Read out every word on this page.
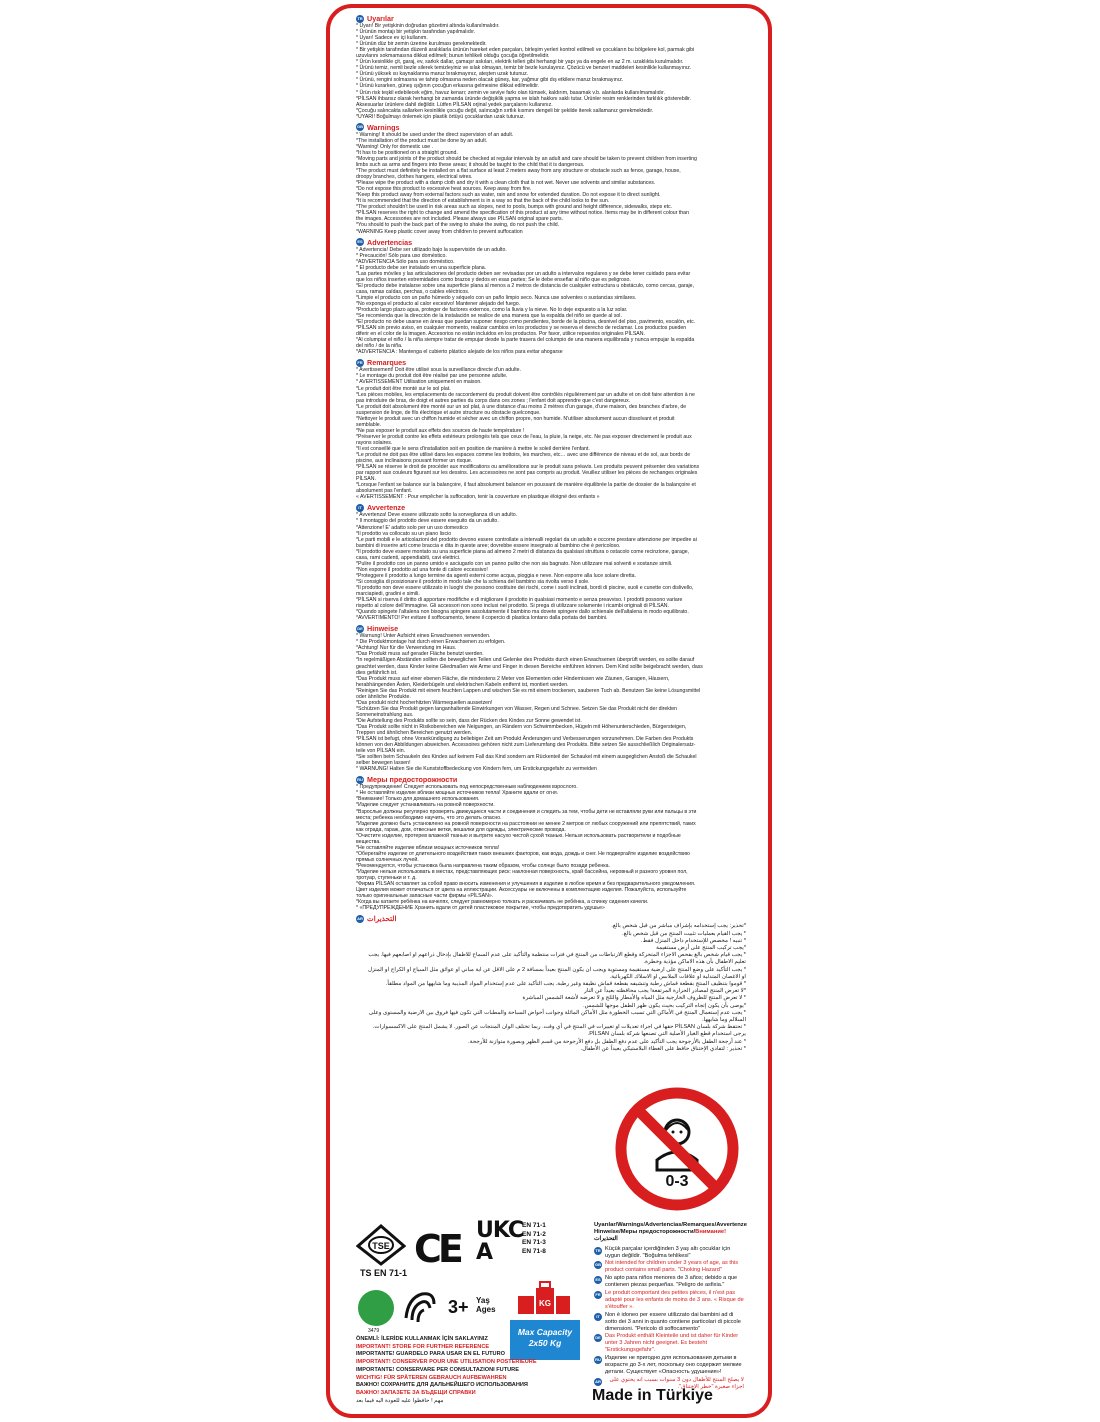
TR Uyarılar
* Uyarı! Bir yetişkinin doğrudan gözetimi altında kullanılmalıdır.
* Ürünün montajı bir yetişkin tarafından yapılmalıdır.
* Uyarı! Sadece ev içi kullanım.
* Ürünün düz bir zemin üzerine kurulması gerekmektedir.
* Bir yetişkin tarafından düzenli aralıklarla ürünün hareket eden parçaları, birleşim yerleri kontrol edilmeli ve çocukların bu bölgelere kol, parmak gibi
uzuvlarını sokmamasına dikkat edilmeli; bunun tehlikeli olduğu çocuğa öğretilmelidir.
* Ürün kesinlikle çit, garaj, ev, sarkık dallar, çamaşır askıları, elektrik telleri gibi herhangi bir yapı ya da engele en az 2 m. uzaklıkta kurulmalıdır.
* Ürünü temiz, nemli bezle silerek temizleyiniz ve sılak olmayan, temiz bir bezle kurulayınız. Çözücü ve benzeri maddeleri kesinlikle kullanmayınız.
* Ürünü yüksek ısı kaynaklarına maruz bırakmayınız, ateşten uzak tutunuz.
* Ürünü, rengini solmasına ve tahrip olmasına neden olacak güneş, kar, yağmur gibi dış etkilere maruz bırakmayınız.
* Ürünü kurarken, güneş ışığının çocuğun erkasına gelmesine dikkat edilmelidir.
* Ürün risk teşkil edebilecek eğim, havuz kenarı; zemin ve seviye farkı olan tümsek, kaldırım, basamak v.b. alanlarda kullanılmamalıdır.
*PİLSAN ihbarsız olarak herhangi bir zamanda üründe değişiklik yapma ve islah hakkını saklı tutar. Ürünler resim renklerinden farklılık gösterebilir.
Aksesuarlar ürünlere dahil değildir. Lütfen PİLSAN orjinal yedek parçalarını kullanınız.
*Çocuğu salıncakta sallarken kesinlikle çocuğu değil, salıncağın sırtlık kısmını dengeli bir şekilde iterek sallamanız gerekmektedir.
*UYARI! Boğulmayı önlemek için plastik örtüyü çocuklardan uzak tutunuz.
GB Warnings
* Warning! It should be used under the direct supervision of an adult.
*The installation of the product must be done by an adult.
*Warning! Only for domestic use .
*It has to be positioned on a straight ground.
*Moving parts and joints of the product should be checked at regular intervals by an adult and care should be taken to prevent children from inserting
limbs such as arms and fingers into these areas; it should be taught to the child that it is dangerous.
*The product must definitely be installed on a flat surface at least 2 meters away from any structure or obstacle such as fence, garage, house,
droopy branches, clothes hangers, electrical wires.
*Please wipe the product with a damp cloth and dry it with a clean cloth that is not wet. Never use solvents and similar substances.
*Do not expose this product to excessive heat sources. Keep away from fire.
*Keep this product away from external factors such as water, rain and snow for extended duration. Do not expose it to direct sunlight.
*It is recommended that the direction of establishment is in a way so that the back of the child looks to the sun.
*The product shouldn't be used in risk areas such as slopes, next to pools, bumps with ground and height difference, sidewalks, steps etc.
*PİLSAN reserves the right to change and amend the specification of this product at any time without notice. Items may be in different colour than
the images. Accessories are not included. Please always use PİLSAN original spare parts.
*You should to push the back part of the swing to shake the swing, do not push the child.
*WARNING Keep plastic cover away from children to prevent suffocation
ES Advertencias
* Advertencia! Debe ser utilizado bajo la supervisión de un adulto.
* Precaución! Sólo para uso doméstico.
*ADVERTENCIA Sólo para uso doméstico.
* El producto debe ser instalado en una superficie plana.
*Las partes móviles y las articulaciones del producto deben ser revisadas por un adulto a intervalos regulares y se debe tener cuidado para evitar
que los niños inserten extremidades como brazos y dedos en esas partes; Se le debe enseñar al niño que es peligroso.
*El producto debe instalarse sobre una superficie plana al menos a 2 metros de distancia de cualquier estructura u obstáculo, como cercas, garaje,
casa, ramas caídas, perchas, o cables eléctricos.
*Limpie el producto con un paño húmedo y séquelo con un paño limpio seco. Nunca use solventes o sustancias similares.
*No exponga el producto al calor excesivo! Mantener alejado del fuego.
*Producto largo plazo agua, proteger de factores externos, como la lluvia y la nieve. No lo deje expuesto a la luz solar.
*Se recomienda que la dirección de la instalación se realice de una manera que la espalda del niño se quede al sol.
*El producto no debe usarse en áreas que puedan suponer riesgo como pendientes, borde de la piscina, desnivel del piso, pavimento, escalón, etc.
*PİLSAN sin previo aviso, en cualquier momento, realizar cambios en los productos y se reserva el derecho de reclamar. Los productos pueden
diferir en el color de la imagen. Accesorios no están incluidos en los productos. Por favor, utilice repuestos originales PİLSAN.
*Al columpiar el niño / la niña siempre tratar de empujar desde la parte trasera del columpio de una manera equilibrada y nunca empujar la espalda
del niño / de la niña.
*ADVERTENCIA : Mantenga el cubierto plástico alejado de los niños para evitar ahogarse
FR Remarques
* Avertissement! Doit être utilisé sous la surveillance directe d'un adulte.
* Le montage du produit doit être réalisé par une personne adulte.
* AVERTISSEMENT Utilisation uniquement en maison.
*Le produit doit être monté sur le sol plat.
*Les pièces mobiles, les emplacements de raccordement du produit doivent être contrôlés régulièrement par un adulte et on doit faire attention à ne
pas introduire de bras, de doigt et autres parties du corps dans ces zones ; l'enfant doit apprendre que c'est dangereux.
*Le produit doit absolument être monté sur un sol plat, à une distance d'au moins 2 mètres d'un garage, d'une maison, des branches d'arbre, de
suspension de linge, de fils électrique et autre structure ou obstacle quelconque.
*Nettoyer le produit avec un chiffon humide et sécher avec un chiffon propre, non humide. N'utiliser absolument aucun dissolvant et produit
semblable.
*Ne pas exposer le produit aux effets des sources de haute température !
*Préserver le produit contre les effets extérieurs prolongés tels que ceux de l'eau, la pluie, la neige, etc. Ne pas exposer directement le produit aux
rayons solaires.
*Il est conseillé que le sens d'installation soit en position de manière à mettre le soleil derrière l'enfant.
*Le produit ne doit pas être utilisé dans les espaces comme les trottoirs, les marches, etc… avec une différence de niveau et de sol, aux bords de
piscine, aux inclinaisons pouvant former un risque.
*PİLSAN se réserve le droit de procéder aux modifications ou améliorations sur le produit sans préavis. Les produits peuvent présenter des variations
par rapport aux couleurs figurant sur les dessins. Les accessoires ne sont pas compris au produit. Veuillez utiliser les pièces de rechanges originales
PİLSAN.
*Lorsque l'enfant se balance sur la balançoire, il faut absolument balancer en poussant de manière équilibrée la partie de dossier de la balançoire et
absolument pas l'enfant.
« AVERTISSEMENT : Pour empêcher la suffocation, tenir la couverture en plastique éloigné des enfants »
IT Avvertenze
* Avvertenza! Deve essere utilizzato sotto la sorveglianza di un adulto.
* Il montaggio del prodotto deve essere eseguito da un adulto.
*Attenzione! E' adatto solo per un uso domestico
*Il prodotto va collocato su un piano liscio
*Le parti mobili e le articolazioni del prodotto devono essere controllate a intervalli regolari da un adulto e occorre prestare attenzione per impedire ai
bambini di inserire arti come braccia e dita in queste aree; dovrebbe essere insegnato al bambino che è pericoloso.
*Il prodotto deve essere montato su una superficie piana ad almeno 2 metri di distanza da qualsiasi struttura o ostacolo come recinzione, garage,
casa, rami cadenti, appendiabiti, cavi elettrici.
*Pulire il prodotto con un panno umido e asciugarlo con un panno pulito che non sia bagnato. Non utilizzare mai solventi e sostanze simili.
*Non esporre il prodotto ad una fonte di calore eccessivo!
*Proteggere il prodotto a lungo termine da agenti esterni come acqua, pioggia e neve. Non esporre alla luce solare diretta.
*Si consiglia di posizionare il prodotto in modo tale che la schiena del bambino sia rivolta verso il sole.
*Il prodotto non deve essere utilizzato in luoghi che possono costituire dei rischi, come i suoli inclinati, bordi di piscine, suoli e cunette con dislivello,
marciapiedi, gradini e simili.
*PİLSAN si riserva il diritto di apportare modifiche e di migliorare il prodotto in qualsiasi momento e senza preavviso. I prodotti possono variare
rispetto al colore dell'immagine. Gli accessori non sono inclusi nel prodotto. Si prega di utilizzare solamente i ricambi originali di PİLSAN.
*Quando spingete l'altalena non bisogna spingere assolutamente il bambino ma dovete spingere dallo schienale dell'altalena in modo equilibrato.
*AVVERTIMENTO! Per evitare il soffocamento, tenere il copercio di plastica lontano dalla portata dei bambini.
DE Hinweise
* Warnung! Unter Aufsicht eines Erwachsenen verwenden.
* Die Produktmontage hat durch einen Erwachsenen zu erfolgen.
*Achtung! Nur für die Verwendung im Haus.
*Das Produkt muss auf gerader Fläche benutzt werden.
*In regelmäßigen Abständen sollten die beweglichen Teilen und Gelenke des Produkts durch einen Erwachsenen überprüft werden, es sollte darauf
geachtet werden, dass Kinder keine Gliedmaßen wie Arme und Finger in diesen Bereiche einführen können. Dem Kind sollte beigebracht werden, dass
dies gefährlich ist.
*Das Produkt muss auf einer ebenen Fläche, die mindestens 2 Meter von Elementen oder Hindernissen wie Zäunen, Garagen, Häusern,
herabhängenden Ästen, Kleiderbügeln und elektrischen Kabeln entfernt ist, montiert werden.
*Reinigen Sie das Produkt mit einem feuchten Lappen und wischen Sie es mit einem trockenen, sauberen Tuch ab. Benutzen Sie keine Lösungsmittel
oder ähnliche Produkte.
*Das produkt nicht hocherhitzten Wärmequellen aussetzen!
*Schützen Sie das Produkt gegen langanhaltende Einwirkungen von Wasser, Regen und Schnee. Setzen Sie das Produkt nicht der direkten
Sonneneinstrahlung aus.
*Die Aufstellung des Produkts sollte so sein, dass der Rücken des Kindes zur Sonne gewendet ist.
*Das Produkt sollte nicht in Risikobereichen wie Neigungen, an Rändern von Schwimmbecken, Hügeln mit Höhenunterschieden, Bürgersteigen,
Treppen und ähnlichen Bereichen genutzt werden.
*PİLSAN ist befugt, ohne Vorankündigung zu beliebiger Zeit am Produkt Änderungen und Verbesserungen vorzunehmen. Die Farben des Produkts
können von den Abbildungen abweichen. Accessoires gehören nicht zum Lieferumfang des Produkts. Bitte setzen Sie ausschließlich Originalersatz-
teile von PİLSAN ein.
*Sie sollten beim Schaukeln des Kindes auf keinem Fall das Kind sondern am Rückenteil der Schaukel mit einem ausgeglichen Anstoß die Schaukel
selber bewegen lassen!
* WARNUNG! Halten Sie die Kunststoffbedeckung von Kindern fern, um Erstickungsgefahr zu vermeiden
RU Меры предосторожности
* Предупреждение! Следует использовать под непосредственным наблюдением взрослого.
* Не оставляйте изделие вблизи мощных источников теплa! Храните вдали от огня.
*Внимание! Только для домашнего использования.
*Изделие следует устанавливать на ровной поверхности.
*Взрослые должны регулярно проверять движущиеся части и соединения и следить за тем, чтобы дети не вставляли руки или пальцы в эти
места; ребенка необходимо научить, что это делать опасно.
*Изделие должно быть установлено на ровной поверхности на расстоянии не менее 2 метров от любых сооружений или препятствий, таких
как ограда, гараж, дом, отвесные ветки, вешалки для одежды, электрические провода.
*Очистите изделие, протерев влажной тканью и вытрите насухо чистой сухой тканью. Нельзя использовать растворители и подобные
вещества.
*Не оставляйте изделие вблизи мощных источников тепла!
*Оберегайте изделие от длительного воздействия таких внешних факторов, как вода, дождь и снег. Не подвергайте изделие воздействию
прямых солнечных лучей.
*Рекомендуется, чтобы установка была направлена таким образом, чтобы солнце было позади ребенка.
*Изделие нельзя использовать в местах, представляющих риск: наклонная поверхность, край бассейна, неровный и разного уровня пол,
тротуар, ступеньки и т. д.
*Фирма PİLSAN оставляет за собой право вносить изменения и улучшения в изделие в любое время и без предварительного уведомления.
Цвет изделия может отличаться от цвета на иллюстрации. Аксессуары не включены в комплектацию изделия. Пожалуйста, используйте
только оригинальные запасные части фирмы «PİLSAN».
*Когда вы катаете ребёнка на качелях, следует равномерно толкать и раскачивать не ребёнка, а спинку сидения качели.
* «ПРЕДУПРЕЖДЕНИЕ Хранить вдали от детей пластиковое покрытие, чтобы предотвратить удушье»
AR التحذيرات
*تحذير: يجب إستخدامه بإشراف مباشر من قبل شخص بالغ.
* يجب القيام بعمليات تثبيت المنتج من قبل شخص بالغ.
* تنبيه ! مخصص للإستخدام داخل المنزل فقط.
*يجب تركيب المنتج على أرض مستقيمة
* يجب قيام شخص بالغ بفحص الاجزاء المتحركة وقطع الارتباطات من المنتج في فترات منتظمة والتأكيد على عدم السماح للاطفال بإدخال ذراعهم او اصابعهم فيها. يجب
تعليم الاطفال بأن هذه الاماكن مؤذية وخطرة.
* يجب التأكيد على وضع المنتج على ارضية مستقيمة ومستوية ويجب ان يكون المنتج بعيداً بمسافة 2 م على الاقل عن اية مباني او عوائق مثل السياج او الكراج او المنزل
او الاغصان المتدلية او علاقات الملابس او الاسلاك الكهربائية.
* قوموا بتنظيف المنتج بقطعة قماش رطبة وتنشيفه بقطعة قماش نظيفة وغير رطبة. يجب التأكيد على عدم إستخدام المواد المذيبة وما شابهها من المواد مطلقاً.
*لا تعرض المنتج لمصادر الحرارة المرتفعة! يجب محافظته بعيداً عن النار
* لا تعرض المنتج للظروف الخارجية مثل المياه والأمطار والثلج و لا تعرضه لأشعة الشمس المباشرة
*يوصى بأن يكون إتجاه التركيب بحيث يكون ظهر الطفل موجها للشمس.
* يجب عدم إستعمال المنتج في الأماكن التي تسبب الخطورة مثل الأماكن المائلة وجوانب أحواض السباحة والمطبات التي تكون فيها فروق بين الارضية والمستوى وعلى
السلالم وما شابهها.
* تحتفظ شركة بلسان PİLSAN حقها في اجراء تعديلات او تغييرات في المنتج في أي وقت. ربما تختلف الوان المنتجات عن الصور. لا يشمل المنتج على الاكسسوارات.
يرجى استخدام قطع الغيار الأصلية التي تصنعها شركة بلسان PİLSAN.
* عند أرجحة الطفل بالأرجوحة يجب التأكيد على عدم دفع الطفل بل دفع الأرجوحة من قسم الظهر وبصورة متوازنة للأرجحة.
* تحذير : لتفادي الإختناق حافظ على الغطاء البلاستيكي بعيداً عن الأطفال.
0-3
TSE
TS EN 71-1
CE UKCA
EN 71-1
EN 71-2
EN 71-3
EN 71-8
3479
3+ Yaş
Ages
KG
Max Capacity
2x50 Kg
ÖNEMLİ: İLERİDE KULLANMAK İÇİN SAKLAYINIZ
IMPORTANT! STORE FOR FURTHER REFERENCE
IMPORTANTE! GUARDELO PARA USAR EN EL FUTURO
IMPORTANT! CONSERVER POUR UNE UTILISATION POSTERIEURE
IMPORTANTE! CONSERVARE PER CONSULTAZIONI FUTURE
WICHTIG! FÜR SPÄTEREN GEBRAUCH AUFBEWAHREN
ВАЖНО! СОХРАНИТЕ ДЛЯ ДАЛЬНЕЙШЕГО ИСПОЛЬЗОВАНИЯ
ВАЖНО! ЗАПАЗЕТЕ ЗА БЪДЕЩИ СПРАВКИ
مهم ! حافظوا عليه للعودة اليه فيما بعد
Uyarılar/Warnings/Advertencias/Remarques/Avvertenze
Hinweise/Меры предосторожности/Внимание! التحذيرات
TR Küçük parçalar içerdiğinden 3 yaş altı çocuklar için uygun değildir. "Boğulma tehlikesi"
GB Not intended for children under 3 years of age, as this product contains small parts. "Choking Hazard"
ES No apto para niños menores de 3 años; debido a que contienen piezas pequeñas. "Peligro de asfixia."
FR Le produit comportant des petites pièces, il n'est pas adapté pour les enfants de moins de 3 ans. « Risque de s'étouffer ».
IT Non è idoneo per essere utilizzato dai bambini ad di sotto dei 3 anni in quanto contiene particolari di piccole dimensioni. "Pericolo di soffocamento"
DE Das Produkt enthält Kleinteile und ist daher für Kinder unter 3 Jahren nicht geeignet. Es besteht "Erstickungsgefahr".
RU Изделие не пригодно для использования детьми в возрасте до 3-х лет, поскольку оно содержит мелкие детали. Существует «Опасность удушения»!
AR	لا يصلح المنتج للأطفال دون 3 سنوات بسبب انه يحتوي على اجزاء صغيرة "خطر الإختناق".
Made in Türkiye
